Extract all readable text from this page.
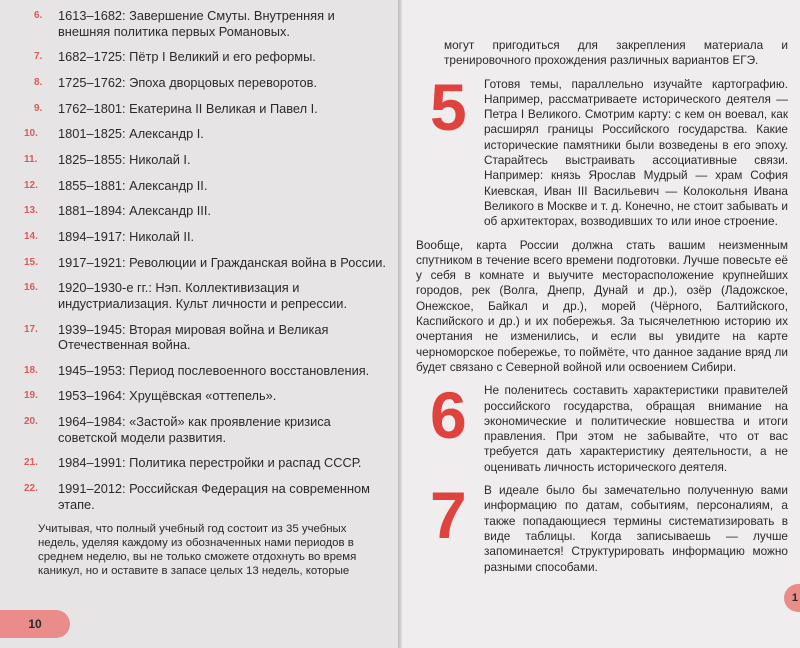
6. 1613–1682: Завершение Смуты. Внутренняя и внешняя политика первых Романовых.
7. 1682–1725: Пётр I Великий и его реформы.
8. 1725–1762: Эпоха дворцовых переворотов.
9. 1762–1801: Екатерина II Великая и Павел I.
10. 1801–1825: Александр I.
11. 1825–1855: Николай I.
12. 1855–1881: Александр II.
13. 1881–1894: Александр III.
14. 1894–1917: Николай II.
15. 1917–1921: Революции и Гражданская война в России.
16. 1920–1930-е гг.: Нэп. Коллективизация и индустриализация. Культ личности и репрессии.
17. 1939–1945: Вторая мировая война и Великая Отечественная война.
18. 1945–1953: Период послевоенного восстановления.
19. 1953–1964: Хрущёвская «оттепель».
20. 1964–1984: «Застой» как проявление кризиса советской модели развития.
21. 1984–1991: Политика перестройки и распад СССР.
22. 1991–2012: Российская Федерация на современном этапе.

Учитывая, что полный учебный год состоит из 35 учебных недель, уделяя каждому из обозначенных нами периодов в среднем неделю, вы не только сможете отдохнуть во время каникул, но и оставите в запасе целых 13 недель, которые

10

могут пригодиться для закрепления материала и тренировочного прохождения различных вариантов ЕГЭ.

5 Готовя темы, параллельно изучайте картографию. Например, рассматриваете исторического деятеля — Петра I Великого. Смотрим карту: с кем он воевал, как расширял границы Российского государства. Какие исторические памятники были возведены в его эпоху. Старайтесь выстраивать ассоциативные связи. Например: князь Ярослав Мудрый — храм София Киевская, Иван III Васильевич — Колокольня Ивана Великого в Москве и т. д. Конечно, не стоит забывать и об архитекторах, возводивших то или иное строение.

Вообще, карта России должна стать вашим неизменным спутником в течение всего времени подготовки. Лучше повесьте её у себя в комнате и выучите месторасположение крупнейших городов, рек (Волга, Днепр, Дунай и др.), озёр (Ладожское, Онежское, Байкал и др.), морей (Чёрного, Балтийского, Каспийского и др.) и их побережья. За тысячелетнюю историю их очертания не изменились, и если вы увидите на карте черноморское побережье, то поймёте, что данное задание вряд ли будет связано с Северной войной или освоением Сибири.

6 Не поленитесь составить характеристики правителей российского государства, обращая внимание на экономические и политические новшества и итоги правления. При этом не забывайте, что от вас требуется дать характеристику деятельности, а не оценивать личность исторического деятеля.

7 В идеале было бы замечательно полученную вами информацию по датам, событиям, персоналиям, а также попадающиеся термины систематизировать в виде таблицы. Когда записываешь — лучше запоминается! Структурировать информацию можно разными способами.

1
